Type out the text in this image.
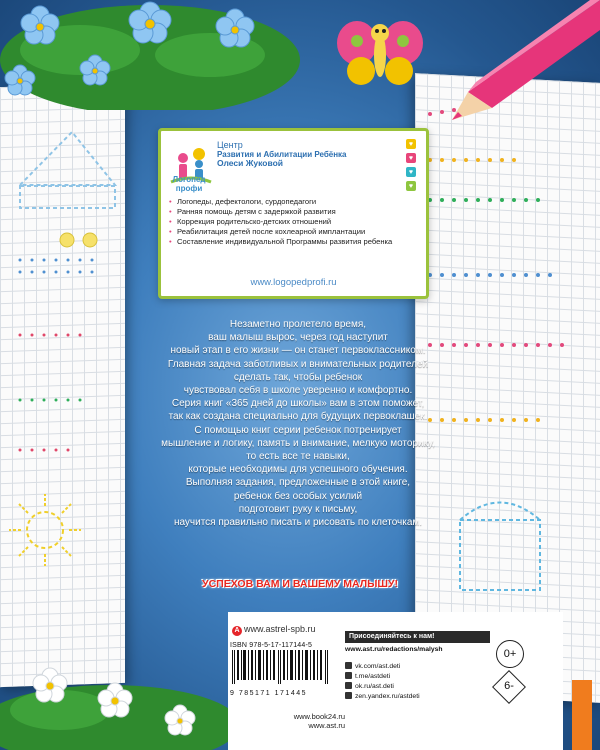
Логопед
профи
Центр
Развития и Абилитации Ребёнка
Олеси Жуковой
♥
♥
♥
♥
• Логопеды, дефектологи, сурдопедагоги
• Ранняя помощь детям с задержкой развития
• Коррекция родительско-детских отношений
• Реабилитация детей после кохлеарной имплантации
• Составление индивидуальной Программы развития ребенка
www.logopedprofi.ru

Незаметно пролетело время,

ваш малыш вырос, через год наступит

новый этап в его жизни — он станет первоклассником.

Главная задача заботливых и внимательных родителей

сделать так, чтобы ребенок

чувствовал себя в школе уверенно и комфортно.

Серия книг «365 дней до школы» вам в этом поможет,

так как создана специально для будущих первоклашек.

С помощью книг серии ребенок потренирует

мышление и логику, память и внимание, мелкую моторику,

то есть все те навыки,

которые необходимы для успешного обучения.

Выполняя задания, предложенные в этой книге,

ребенок без особых усилий

подготовит руку к письму,

научится правильно писать и рисовать по клеточкам.

УСПЕХОВ ВАМ И ВАШЕМУ МАЛЫШУ!
А www.astrel-spb.ru
ISBN 978-5-17-117144-5
9 785171 171445
www.book24.ru
www.ast.ru
Присоединяйтесь к нам!
www.ast.ru/redactions/malysh
vk.com/ast.deti
t.me/astdeti
ok.ru/ast.deti
zen.yandex.ru/astdeti
0+
6-
